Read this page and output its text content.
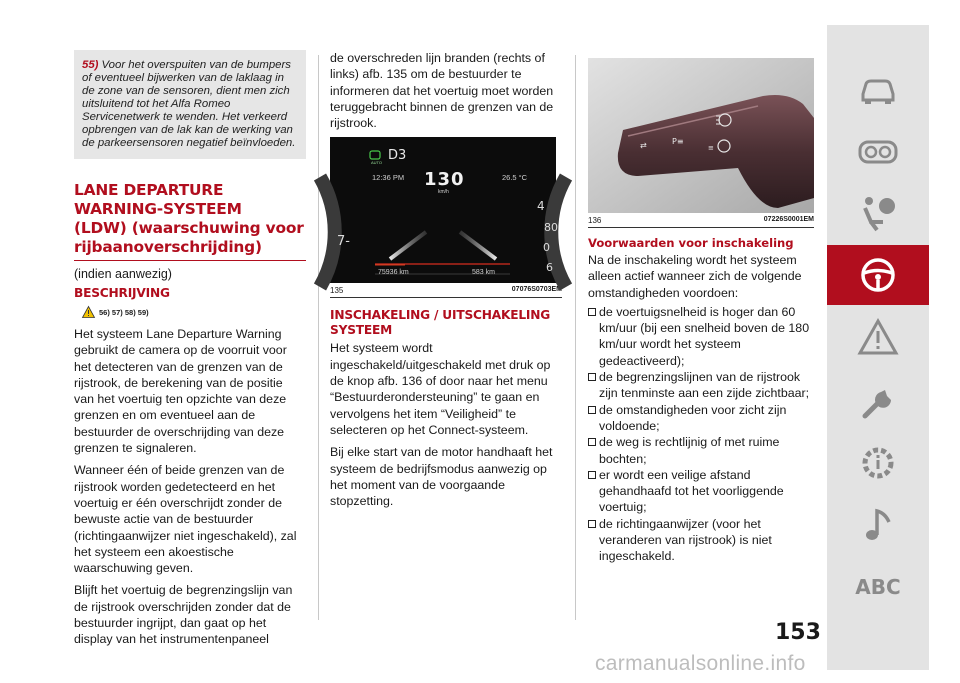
55) Voor het overspuiten van de bumpers of eventueel bijwerken van de laklaag in de zone van de sensoren, dient men zich uitsluitend tot het Alfa Romeo Servicenetwerk te wenden. Het verkeerd opbrengen van de lak kan de werking van de parkeersensoren negatief beïnvloeden.
LANE DEPARTURE
WARNING-SYSTEEM
(LDW) (waarschuwing voor
rijbaanoverschrijding)
(indien aanwezig)
BESCHRIJVING
56) 57) 58) 59)

Het systeem Lane Departure Warning gebruikt de camera op de voorruit voor het detecteren van de grenzen van de rijstrook, de berekening van de positie van het voertuig ten opzichte van deze grenzen en om eventueel aan de bestuurder de overschrijding van deze grenzen te signaleren.

Wanneer één of beide grenzen van de rijstrook worden gedetecteerd en het voertuig er één overschrijdt zonder de bewuste actie van de bestuurder (richtingaanwijzer niet ingeschakeld), zal het systeem een akoestische waarschuwing geven.

Blijft het voertuig de begrenzingslijn van de rijstrook overschrijden zonder dat de bestuurder ingrijpt, dan gaat op het display van het instrumentenpaneel

de overschreden lijn branden (rechts of links) afb. 135 om de bestuurder te informeren dat het voertuig moet worden teruggebracht binnen de grenzen van de rijstrook.

7-
4
80
0
6
AUTO D3
12:36 PM 130
km/h
26.5 °C
75936 km	583 km
135	07076S0703EM
INSCHAKELING / UITSCHAKELING SYSTEEM

Het systeem wordt ingeschakeld/uitgeschakeld met druk op de knop afb. 136 of door naar het menu “Bestuurderondersteuning” te gaan en vervolgens het item “Veiligheid” te selecteren op het Connect-systeem.

Bij elke start van de motor handhaaft het systeem de bedrijfsmodus aanwezig op het moment van de voorgaande stopzetting.

⇄	P≡
≡
136	07226S0001EM
Voorwaarden voor inschakeling

Na de inschakeling wordt het systeem alleen actief wanneer zich de volgende omstandigheden voordoen:

de voertuigsnelheid is hoger dan 60 km/uur (bij een snelheid boven de 180 km/uur wordt het systeem gedeactiveerd);
de begrenzingslijnen van de rijstrook zijn tenminste aan een zijde zichtbaar;
de omstandigheden voor zicht zijn voldoende;
de weg is rechtlijnig of met ruime bochten;
er wordt een veilige afstand gehandhaafd tot het voorliggende voertuig;
de richtingaanwijzer (voor het veranderen van rijstrook) is niet ingeschakeld.
153
ABC
carmanualsonline.info
